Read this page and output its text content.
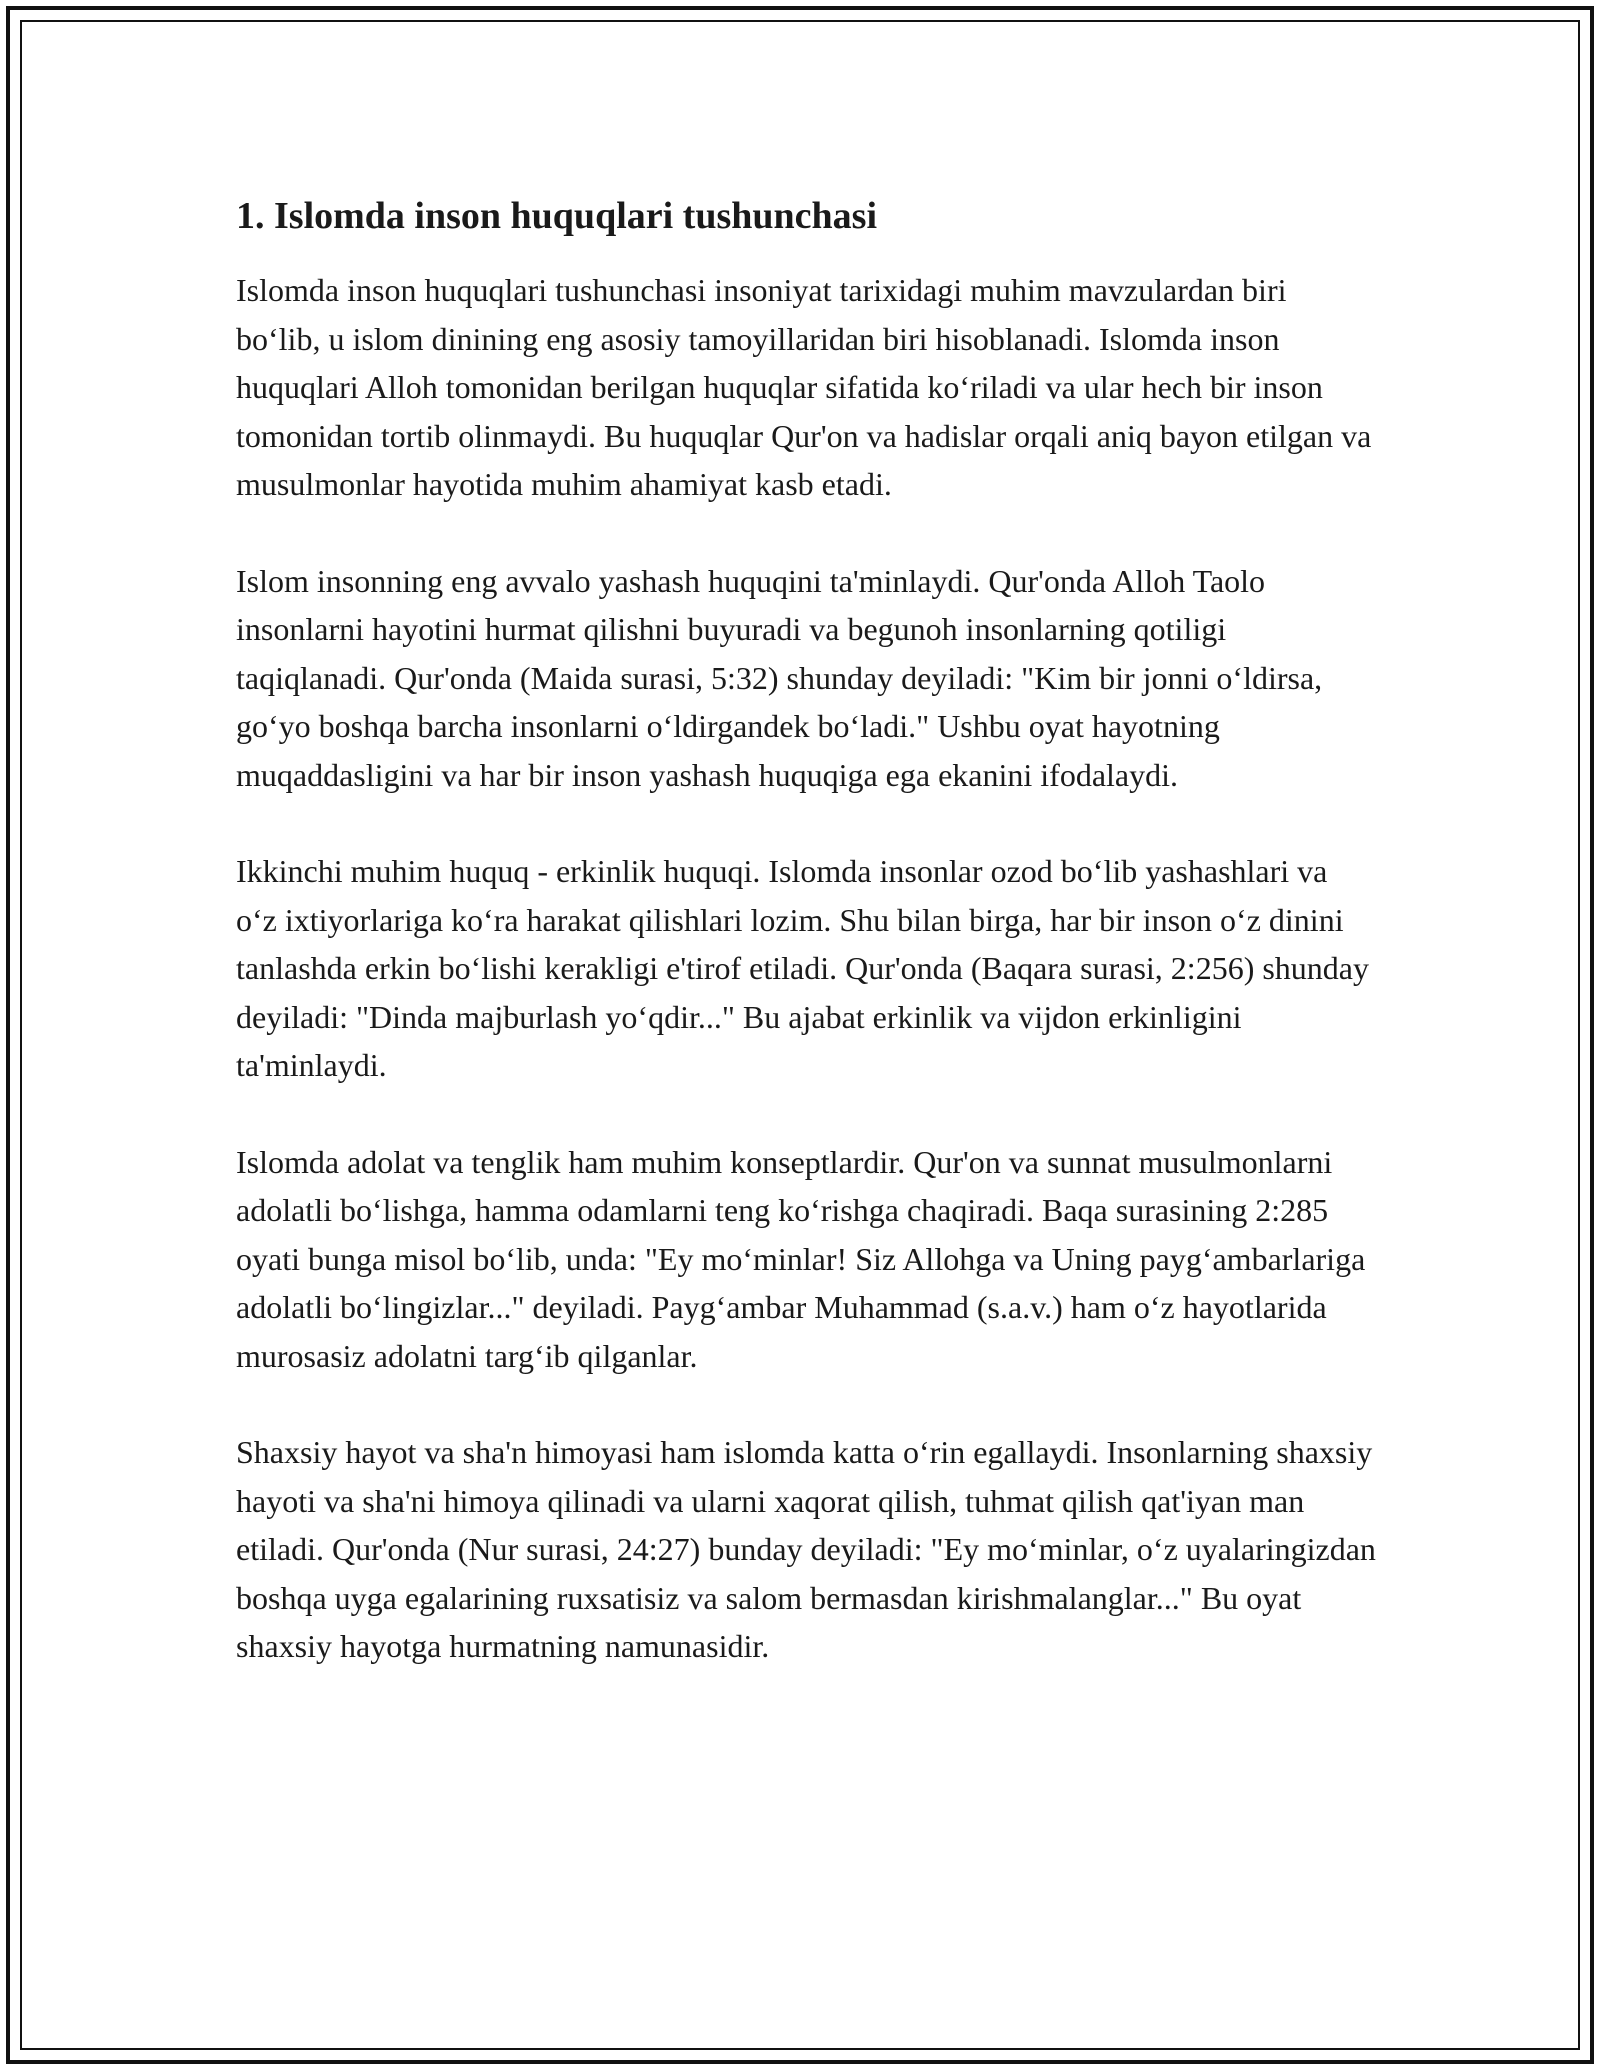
1. Islomda inson huquqlari tushunchasi

Islomda inson huquqlari tushunchasi insoniyat tarixidagi muhim mavzulardan biri bo‘lib, u islom dinining eng asosiy tamoyillaridan biri hisoblanadi. Islomda inson huquqlari Alloh tomonidan berilgan huquqlar sifatida ko‘riladi va ular hech bir inson tomonidan tortib olinmaydi. Bu huquqlar Qur'on va hadislar orqali aniq bayon etilgan va musulmonlar hayotida muhim ahamiyat kasb etadi.

Islom insonning eng avvalo yashash huquqini ta'minlaydi. Qur'onda Alloh Taolo insonlarni hayotini hurmat qilishni buyuradi va begunoh insonlarning qotiligi taqiqlanadi. Qur'onda (Maida surasi, 5:32) shunday deyiladi: "Kim bir jonni o‘ldirsa, go‘yo boshqa barcha insonlarni o‘ldirgandek bo‘ladi." Ushbu oyat hayotning muqaddasligini va har bir inson yashash huquqiga ega ekanini ifodalaydi.

Ikkinchi muhim huquq - erkinlik huquqi. Islomda insonlar ozod bo‘lib yashashlari va o‘z ixtiyorlariga ko‘ra harakat qilishlari lozim. Shu bilan birga, har bir inson o‘z dinini tanlashda erkin bo‘lishi kerakligi e'tirof etiladi. Qur'onda (Baqara surasi, 2:256) shunday deyiladi: "Dinda majburlash yo‘qdir..." Bu ajabat erkinlik va vijdon erkinligini ta'minlaydi.

Islomda adolat va tenglik ham muhim konseptlardir. Qur'on va sunnat musulmonlarni adolatli bo‘lishga, hamma odamlarni teng ko‘rishga chaqiradi. Baqa surasining 2:285 oyati bunga misol bo‘lib, unda: "Ey mo‘minlar! Siz Allohga va Uning payg‘ambarlariga adolatli bo‘lingizlar..." deyiladi. Payg‘ambar Muhammad (s.a.v.) ham o‘z hayotlarida murosasiz adolatni targ‘ib qilganlar.

Shaxsiy hayot va sha'n himoyasi ham islomda katta o‘rin egallaydi. Insonlarning shaxsiy hayoti va sha'ni himoya qilinadi va ularni xaqorat qilish, tuhmat qilish qat'iyan man etiladi. Qur'onda (Nur surasi, 24:27) bunday deyiladi: "Ey mo‘minlar, o‘z uyalaringizdan boshqa uyga egalarining ruxsatisiz va salom bermasdan kirishmalanglar..." Bu oyat shaxsiy hayotga hurmatning namunasidir.
